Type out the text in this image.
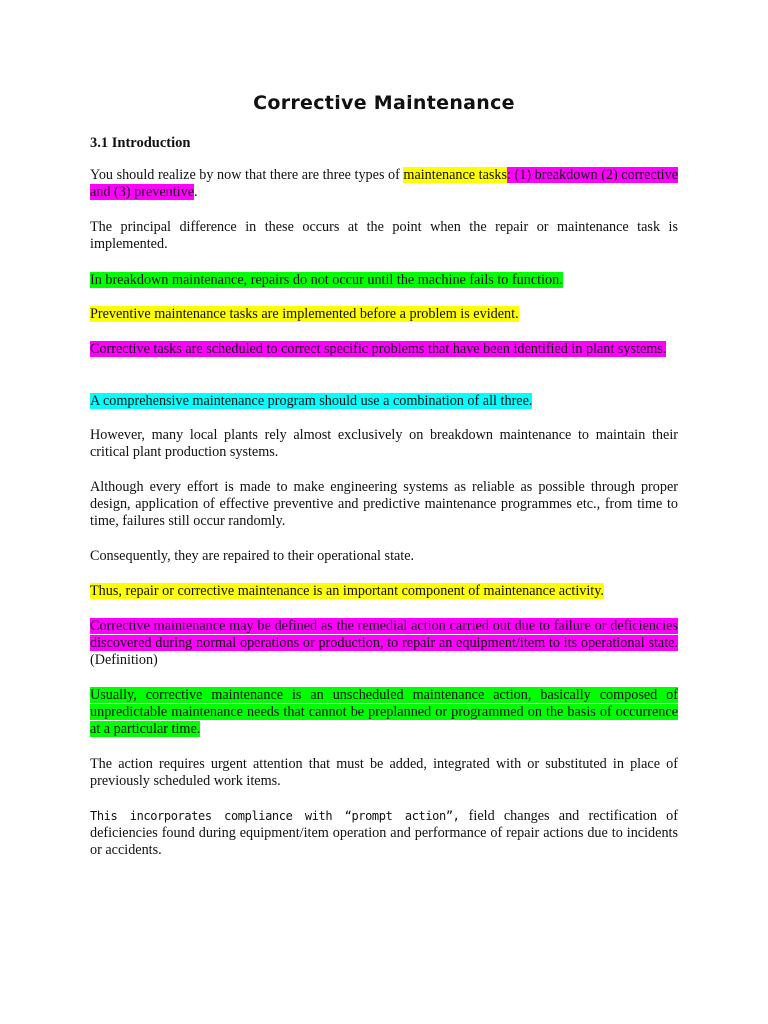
Corrective Maintenance
3.1 Introduction

You should realize by now that there are three types of maintenance tasks: (1) breakdown (2) corrective and (3) preventive.

The principal difference in these occurs at the point when the repair or maintenance task is implemented.

In breakdown maintenance, repairs do not occur until the machine fails to function.

Preventive maintenance tasks are implemented before a problem is evident.

Corrective tasks are scheduled to correct specific problems that have been identified in plant systems.

A comprehensive maintenance program should use a combination of all three.

However, many local plants rely almost exclusively on breakdown maintenance to maintain their critical plant production systems.

Although every effort is made to make engineering systems as reliable as possible through proper design, application of effective preventive and predictive maintenance programmes etc., from time to time, failures still occur randomly.

Consequently, they are repaired to their operational state.

Thus, repair or corrective maintenance is an important component of maintenance activity.

Corrective maintenance may be defined as the remedial action carried out due to failure or deficiencies discovered during normal operations or production, to repair an equipment/item to its operational state.(Definition)

Usually, corrective maintenance is an unscheduled maintenance action, basically composed of unpredictable maintenance needs that cannot be preplanned or programmed on the basis of occurrence at a particular time.

The action requires urgent attention that must be added, integrated with or substituted in place of previously scheduled work items.

This incorporates compliance with “prompt action”, field changes and rectification of deficiencies found during equipment/item operation and performance of repair actions due to incidents or accidents.
